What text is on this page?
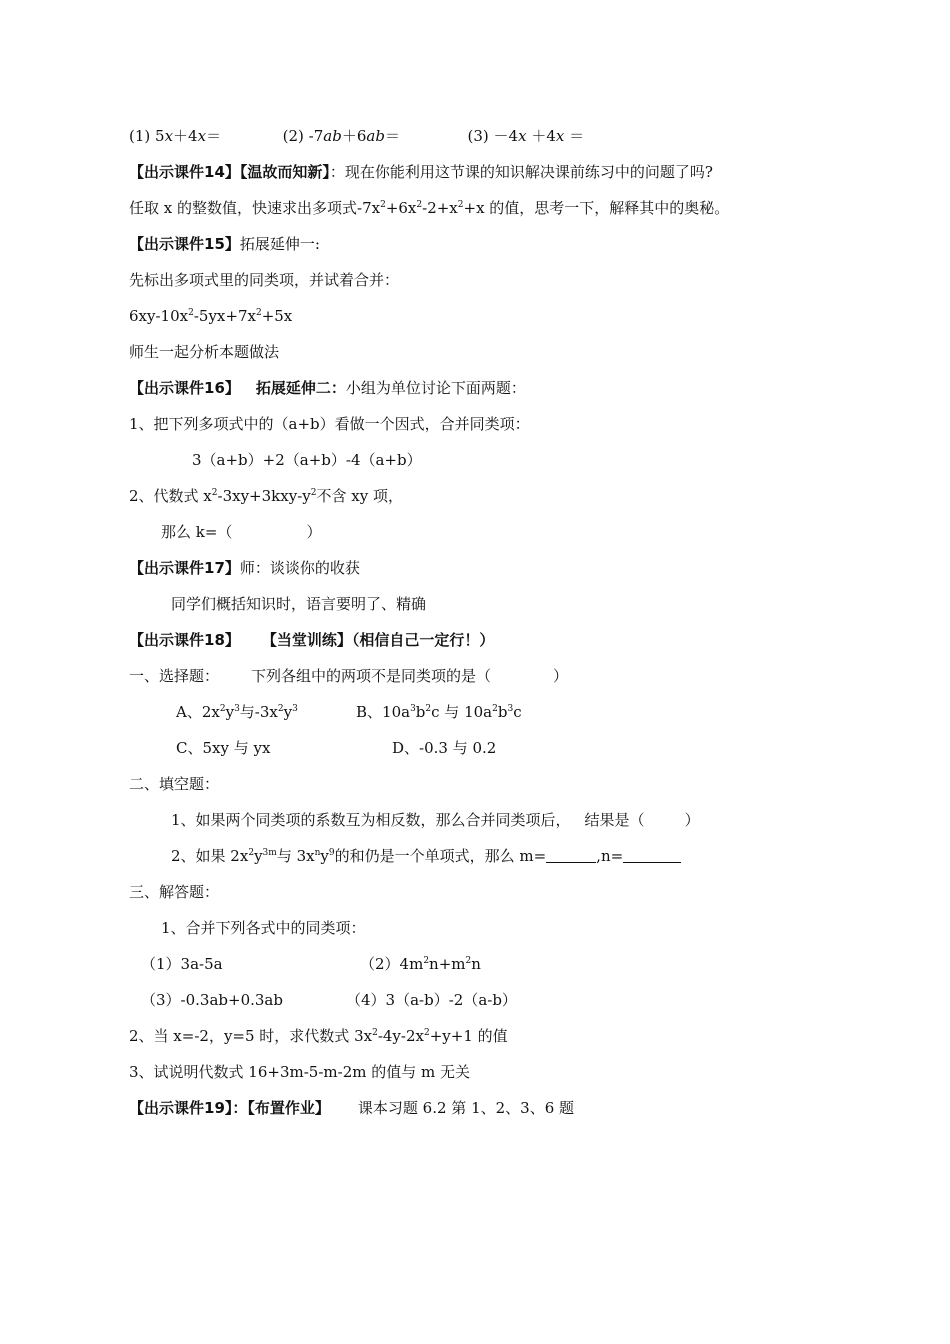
(1) 5x＋4x＝	(2) -7ab＋6ab＝	(3) －4x ＋4x ＝
【出示课件14】【温故而知新】：现在你能利用这节课的知识解决课前练习中的问题了吗?
任取 x 的整数值，快速求出多项式$-7x^2+6x^2-2+x^2+x$ 的值，思考一下，解释其中的奥秘。
【出示课件15】拓展延伸一:
先标出多项式里的同类项，并试着合并：
$6xy-10x^2-5yx+7x^2+5x$
师生一起分析本题做法
【出示课件16】 拓展延伸二：小组为单位讨论下面两题：
1、把下列多项式中的（a+b）看做一个因式，合并同类项：
3（a+b）+2（a+b）-4（a+b）
2、代数式 $x^2-3xy+3kxy-y^2$不含 xy 项，
那么 k=（	）
【出示课件17】师：谈谈你的收获
同学们概括知识时，语言要明了、精确
【出示课件18】 【当堂训练】（相信自己一定行！）
一、选择题： 下列各组中的两项不是同类项的是（	）
A、$2x^2y^3$与$-3x^2y^3$	B、$10a^3b^2c$ 与 $10a^2b^3c$
C、5xy 与 yx	D、-0.3 与 0.2
二、填空题：
1、如果两个同类项的系数互为相反数，那么合并同类项后， 结果是（	）
2、如果 $2x^2y^{3m}$与 $3x^ny^9$的和仍是一个单项式，那么 m=	,n=
三、解答题：
1、合并下列各式中的同类项：
（1）3a-5a	$(2)4m^2n+m^2n$
（3）-0.3ab+0.3ab	（4）3（a-b）-2（a-b）
2、当 x=-2，y=5 时，求代数式 $3x^2-4y-2x^2+y+1$ 的值
3、试说明代数式 16+3m-5-m-2m 的值与 m 无关
【出示课件19】：【布置作业】 课本习题 6.2 第 1、2、3、6 题
